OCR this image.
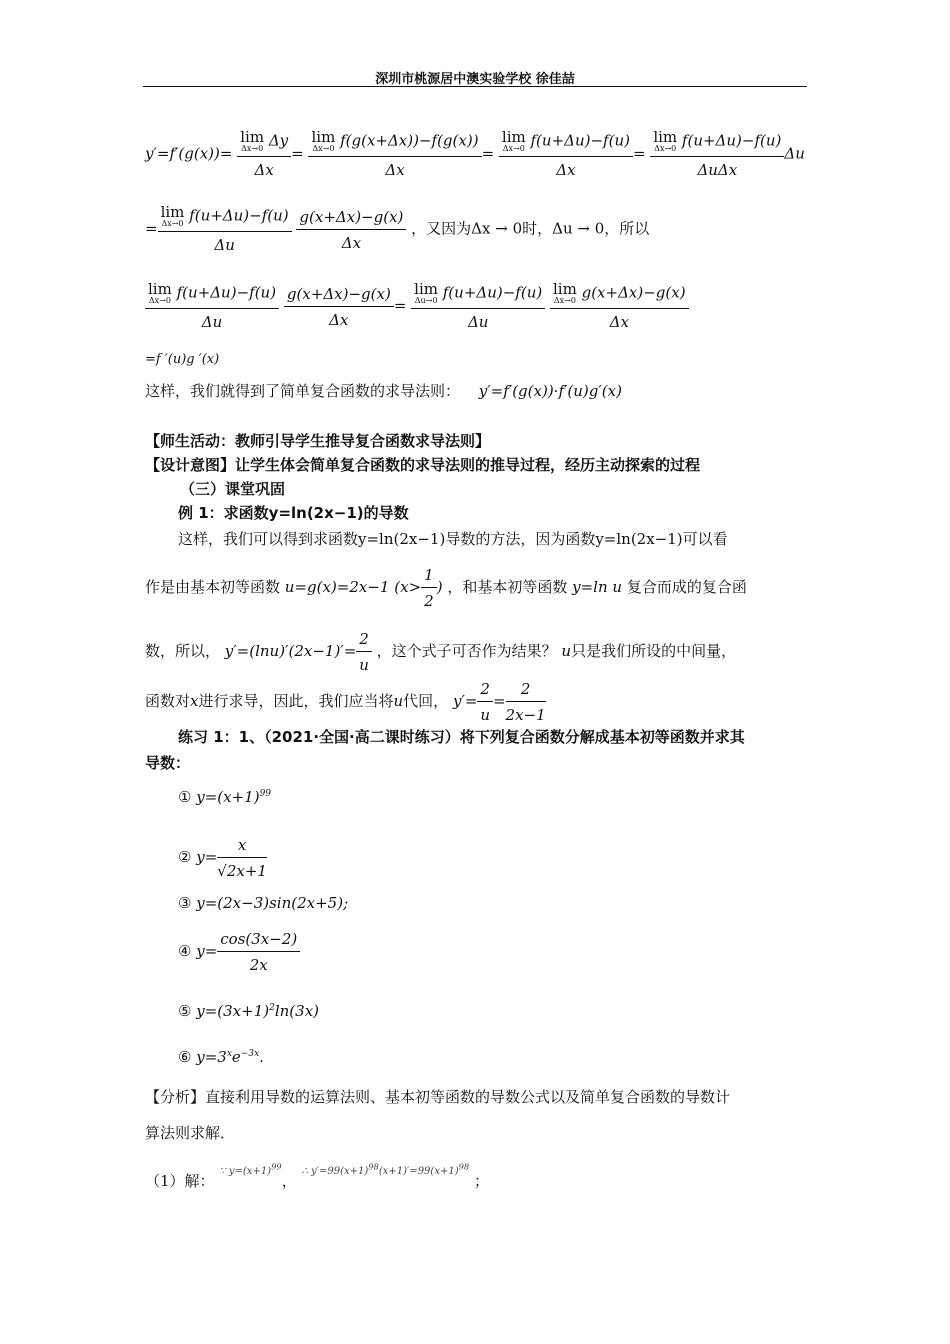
深圳市桃源居中澳实验学校 徐佳喆
y′=f′(g(x))= lim
Δx→0 Δy
Δx = lim
Δx→0 f(g(x+Δx))−f(g(x))
Δx = lim
Δx→0 f(u+Δu)−f(u)
Δx = lim
Δx→0 f(u+Δu)−f(u)
ΔuΔx Δu
= lim
Δx→0 f(u+Δu)−f(u)
Δu
$\frac{g(x+\Delta x)-g(x)}{\Delta x}$ ，又因为Δx → 0时，Δu → 0，所以
lim
Δx→0 f(u+Δu)−f(u)
Δu
$\frac{g(x+\Delta x)-g(x)}{\Delta x} = \lim$
Δu→0 f(u+Δu)−f(u)
Δu
lim
Δx→0 g(x+Δx)−g(x)
Δx
=f ′(u)g ′(x)
这样，我们就得到了简单复合函数的求导法则： y′=f′(g(x))·f′(u)g′(x)
【师生活动：教师引导学生推导复合函数求导法则】
【设计意图】让学生体会简单复合函数的求导法则的推导过程，经历主动探索的过程
（三）课堂巩固
例 1：求函数y=ln(2x−1)的导数
这样，我们可以得到求函数y=ln(2x−1)导数的方法，因为函数y=ln(2x−1)可以看
作是由基本初等函数 u=g(x)=2x−1 ($x> \frac{1}{2}$ ) ，和基本初等函数 y=ln u 复合而成的复合函
数，所以， $y'=(\ln u)'(2x-1)'= \frac{2}{u}$ ，这个式子可否作为结果？ u只是我们所设的中间量，
函数对x进行求导，因此，我们应当将u代回， $y'= \frac{2}{u} = \frac{2}{2x-1}$
练习 1：1、（2021·全国·高二课时练习）将下列复合函数分解成基本初等函数并求其
导数：
① $y=(x+1)^{99}$
② $y= \frac{x}{√2x+1}$
③ y=(2x−3)sin(2x+5);
④ $y= \frac{\cos(3x-2)}{2x}$
⑤ $y=(3x+1)^2\ln(3x)$
⑥ $y=3^xe^{-3x}$.
【分析】直接利用导数的运算法则、基本初等函数的导数公式以及简单复合函数的导数计
算法则求解．
（1）解： $^{\because y=(x+1)^{99}}$， $^{\therefore y'=99(x+1)^{98}(x+1)'=99(x+1)^{98}}$ ；
